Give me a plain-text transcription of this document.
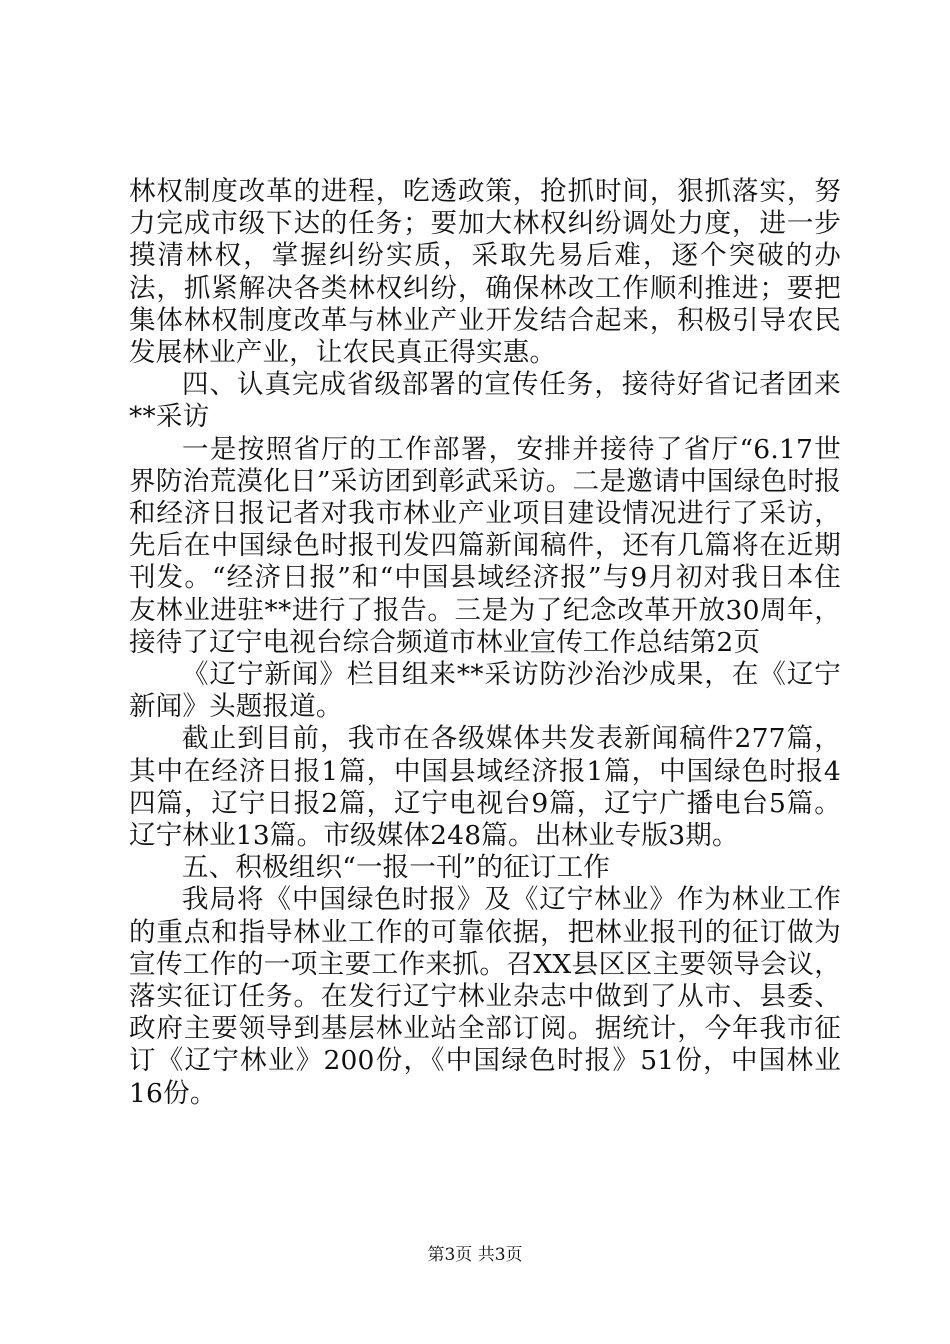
林权制度改革的进程，吃透政策，抢抓时间，狠抓落实，努力完成市级下达的任务；要加大林权纠纷调处力度，进一步摸清林权，掌握纠纷实质，采取先易后难，逐个突破的办法，抓紧解决各类林权纠纷，确保林改工作顺利推进；要把集体林权制度改革与林业产业开发结合起来，积极引导农民发展林业产业，让农民真正得实惠。

四、认真完成省级部署的宣传任务，接待好省记者团来**采访

一是按照省厅的工作部署，安排并接待了省厅“6.17世界防治荒漠化日”采访团到彰武采访。二是邀请中国绿色时报和经济日报记者对我市林业产业项目建设情况进行了采访，先后在中国绿色时报刊发四篇新闻稿件，还有几篇将在近期刊发。“经济日报”和“中国县域经济报”与9月初对我日本住友林业进驻**进行了报告。三是为了纪念改革开放30周年，接待了辽宁电视台综合频道市林业宣传工作总结第2页

《辽宁新闻》栏目组来**采访防沙治沙成果，在《辽宁新闻》头题报道。

截止到目前，我市在各级媒体共发表新闻稿件277篇，其中在经济日报1篇，中国县域经济报1篇，中国绿色时报4四篇，辽宁日报2篇，辽宁电视台9篇，辽宁广播电台5篇。辽宁林业13篇。市级媒体248篇。出林业专版3期。

五、积极组织“一报一刊”的征订工作

我局将《中国绿色时报》及《辽宁林业》作为林业工作的重点和指导林业工作的可靠依据，把林业报刊的征订做为宣传工作的一项主要工作来抓。召XX县区区主要领导会议，落实征订任务。在发行辽宁林业杂志中做到了从市、县委、政府主要领导到基层林业站全部订阅。据统计，今年我市征订《辽宁林业》200份，《中国绿色时报》51份，中国林业16份。

第3页 共3页
